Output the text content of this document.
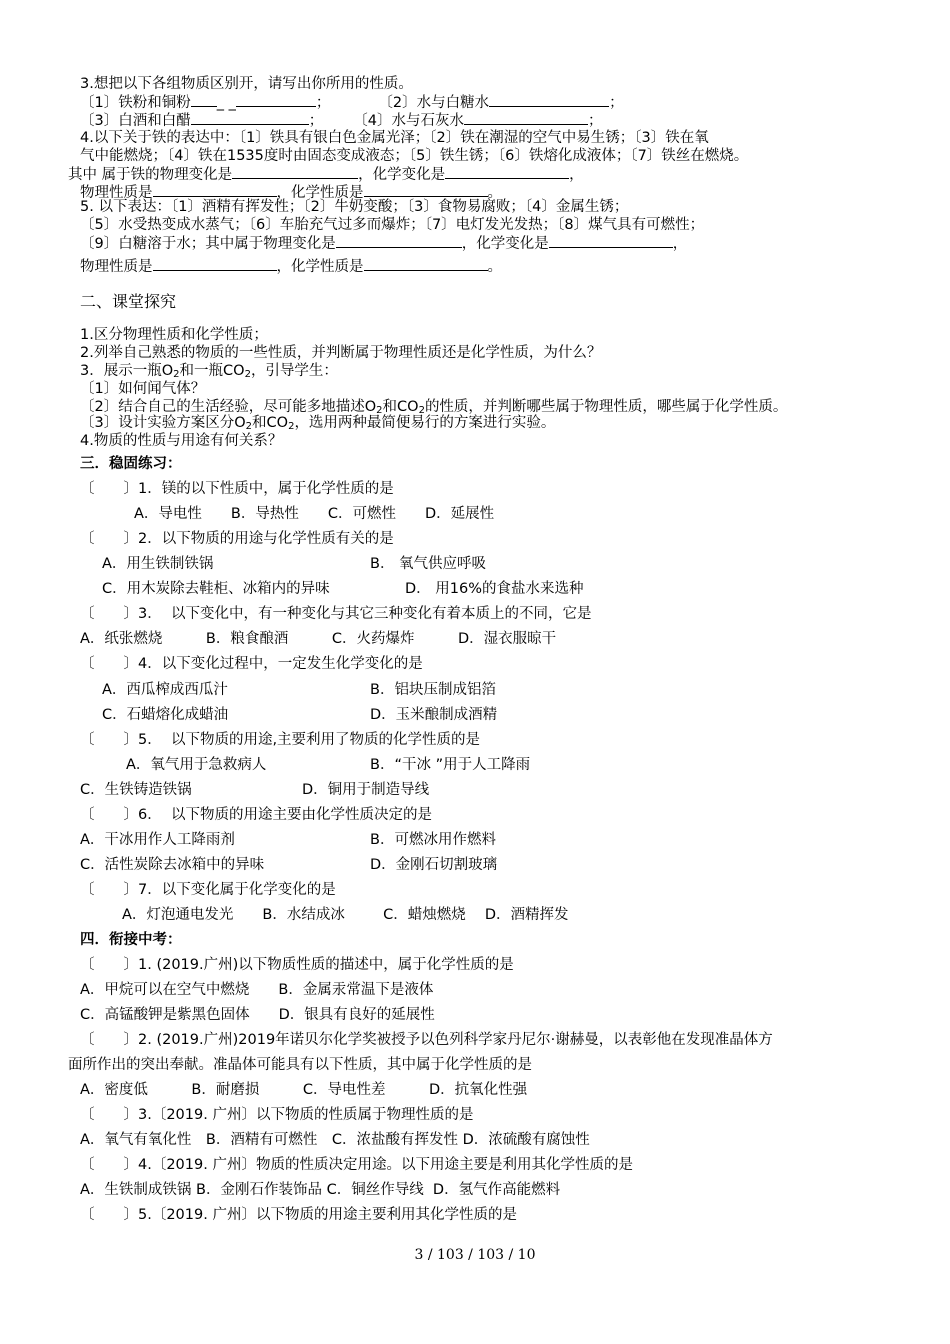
3.想把以下各组物质区别开，请写出你所用的性质。
〔1〕铁粉和铜粉 _ _	；	〔2〕水与白糖水	；
〔3〕白酒和白醋	； 〔4〕水与石灰水	；
4.以下关于铁的表达中：〔1〕铁具有银白色金属光泽；〔2〕铁在潮湿的空气中易生锈；〔3〕铁在氧
气中能燃烧；〔4〕铁在1535度时由固态变成液态；〔5〕铁生锈；〔6〕铁熔化成液体；〔7〕铁丝在燃烧。
其中 属于铁的物理变化是	，化学变化是	，
物理性质是	，化学性质是	。
5. 以下表达：〔1〕酒精有挥发性；〔2〕牛奶变酸；〔3〕食物易腐败；〔4〕金属生锈；
〔5〕水受热变成水蒸气；〔6〕车胎充气过多而爆炸；〔7〕电灯发光发热；〔8〕煤气具有可燃性；
〔9〕白糖溶于水；其中属于物理变化是	，化学变化是	，
物理性质是	，化学性质是	。
二、课堂探究
1.区分物理性质和化学性质；
2.列举自己熟悉的物质的一些性质，并判断属于物理性质还是化学性质，为什么？
3．展示一瓶$O_2$和一瓶$CO_2$，引导学生：
〔1〕如何闻气体？
〔2〕结合自己的生活经验，尽可能多地描述$O_2$和$CO_2$的性质，并判断哪些属于物理性质，哪些属于化学性质。
〔3〕设计实验方案区分$O_2$和$CO_2$，选用两种最简便易行的方案进行实验。
4.物质的性质与用途有何关系？
三．稳固练习：
〔　　〕1．镁的以下性质中，属于化学性质的是
A．导电性　　B．导热性　　C．可燃性　　D．延展性
〔　　〕2．以下物质的用途与化学性质有关的是
A．用生铁制铁锅	B． 氧气供应呼吸
C．用木炭除去鞋柜、冰箱内的异味	D． 用16%的食盐水来选种
〔　　〕3．  以下变化中，有一种变化与其它三种变化有着本质上的不同，它是
A．纸张燃烧　　　B．粮食酿酒　　　C．火药爆炸　　　D．湿衣服晾干
〔　　〕4．以下变化过程中，一定发生化学变化的是
A．西瓜榨成西瓜汁	B．铝块压制成铝箔
C．石蜡熔化成蜡油	D．玉米酿制成酒精
〔　　〕5．  以下物质的用途,主要利用了物质的化学性质的是
A．氧气用于急救病人	B．“干冰 ”用于人工降雨
C．生铁铸造铁锅	D．铜用于制造导线
〔　　〕6．  以下物质的用途主要由化学性质决定的是
A．干冰用作人工降雨剂	B．可燃冰用作燃料
C．活性炭除去冰箱中的异味	D．金刚石切割玻璃
〔　　〕7．以下变化属于化学变化的是
A．灯泡通电发光　　B．水结成冰　　  C．蜡烛燃烧　 D．酒精挥发
四．衔接中考：
〔　　〕1. (2019.广州)以下物质性质的描述中，属于化学性质的是
A．甲烷可以在空气中燃烧　　B．金属汞常温下是液体
C．高锰酸钾是紫黑色固体　　D．银具有良好的延展性
〔　　〕2. (2019.广州)2019年诺贝尔化学奖被授予以色列科学家丹尼尔·谢赫曼，以表彰他在发现准晶体方
面所作出的突出奉献。准晶体可能具有以下性质，其中属于化学性质的是
A．密度低　　　B．耐磨损　　　C．导电性差　　　D．抗氧化性强
〔　　〕3.〔2019. 广州〕以下物质的性质属于物理性质的是
A．氧气有氧化性　B．酒精有可燃性　C．浓盐酸有挥发性 D．浓硫酸有腐蚀性
〔　　〕4.〔2019. 广州〕物质的性质决定用途。以下用途主要是利用其化学性质的是
A．生铁制成铁锅 B．金刚石作装饰品 C．铜丝作导线  D．氢气作高能燃料
〔　　〕5.〔2019. 广州〕以下物质的用途主要利用其化学性质的是
3 / 103 / 103 / 10
